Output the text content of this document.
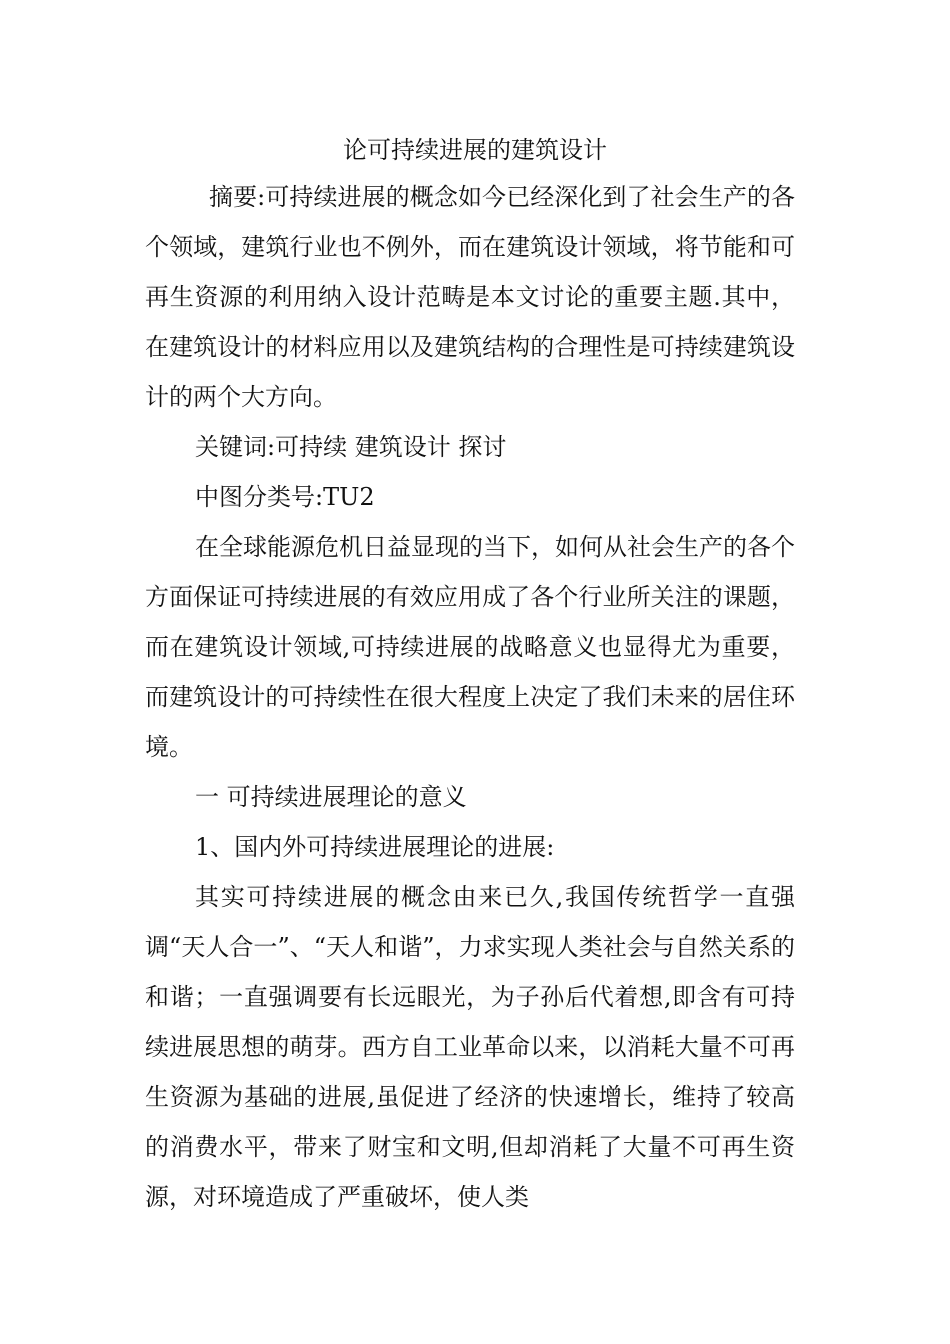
论可持续进展的建筑设计

摘要:可持续进展的概念如今已经深化到了社会生产的各个领域，建筑行业也不例外，而在建筑设计领域，将节能和可再生资源的利用纳入设计范畴是本文讨论的重要主题.其中，在建筑设计的材料应用以及建筑结构的合理性是可持续建筑设计的两个大方向。

关键词:可持续 建筑设计 探讨

中图分类号:TU2

在全球能源危机日益显现的当下，如何从社会生产的各个方面保证可持续进展的有效应用成了各个行业所关注的课题，而在建筑设计领域,可持续进展的战略意义也显得尤为重要，而建筑设计的可持续性在很大程度上决定了我们未来的居住环境。

一 可持续进展理论的意义

1、国内外可持续进展理论的进展:

其实可持续进展的概念由来已久,我国传统哲学一直强调“天人合一”、“天人和谐”，力求实现人类社会与自然关系的和谐；一直强调要有长远眼光，为子孙后代着想,即含有可持续进展思想的萌芽。西方自工业革命以来，以消耗大量不可再生资源为基础的进展,虽促进了经济的快速增长，维持了较高的消费水平，带来了财宝和文明,但却消耗了大量不可再生资源，对环境造成了严重破坏，使人类
